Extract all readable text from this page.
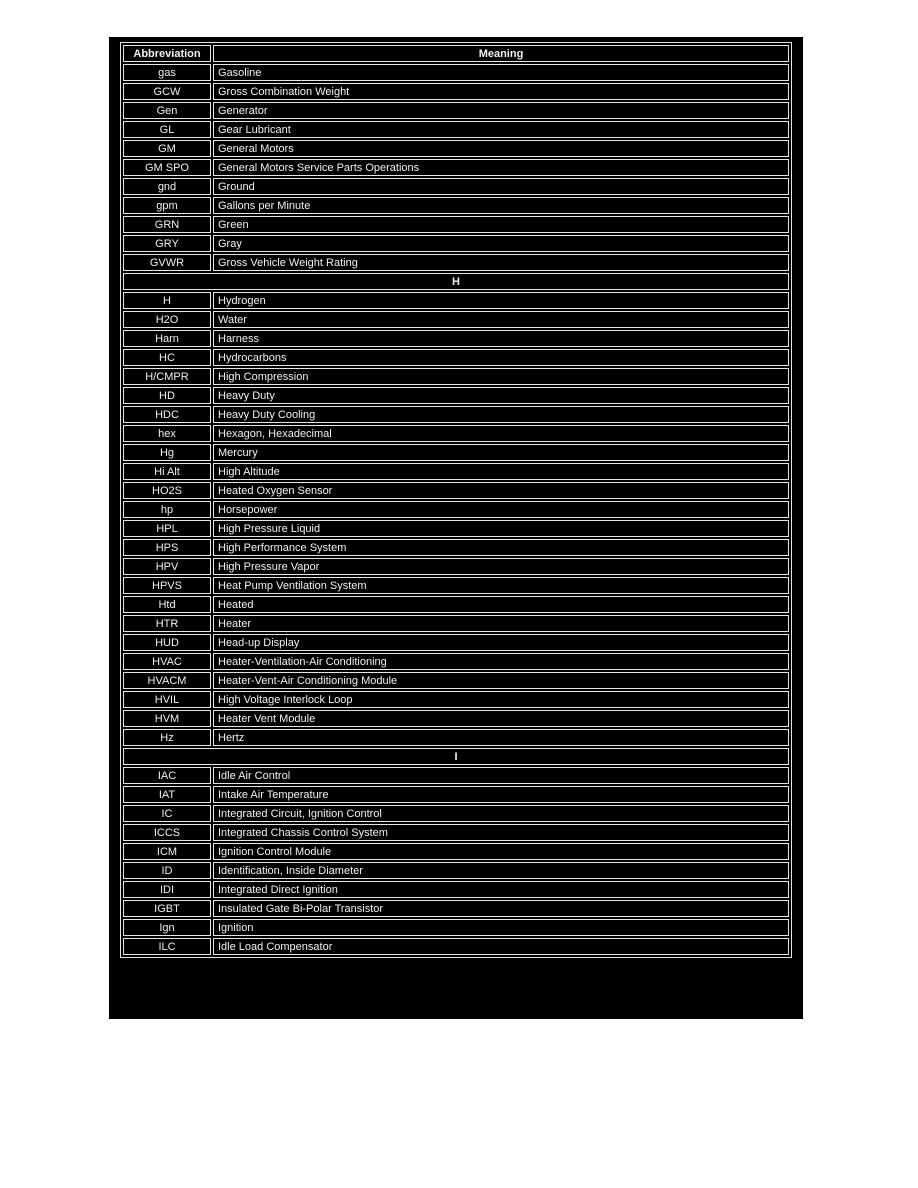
Abbreviation	Meaning
gas	Gasoline
GCW	Gross Combination Weight
Gen	Generator
GL	Gear Lubricant
GM	General Motors
GM SPO	General Motors Service Parts Operations
gnd	Ground
gpm	Gallons per Minute
GRN	Green
GRY	Gray
GVWR	Gross Vehicle Weight Rating
H	
H	Hydrogen
H2O	Water
Harn	Harness
HC	Hydrocarbons
H/CMPR	High Compression
HD	Heavy Duty
HDC	Heavy Duty Cooling
hex	Hexagon, Hexadecimal
Hg	Mercury
Hi Alt	High Altitude
HO2S	Heated Oxygen Sensor
hp	Horsepower
HPL	High Pressure Liquid
HPS	High Performance System
HPV	High Pressure Vapor
HPVS	Heat Pump Ventilation System
Htd	Heated
HTR	Heater
HUD	Head-up Display
HVAC	Heater-Ventilation-Air Conditioning
HVACM	Heater-Vent-Air Conditioning Module
HVIL	High Voltage Interlock Loop
HVM	Heater Vent Module
Hz	Hertz
I	
IAC	Idle Air Control
IAT	Intake Air Temperature
IC	Integrated Circuit, Ignition Control
ICCS	Integrated Chassis Control System
ICM	Ignition Control Module
ID	Identification, Inside Diameter
IDI	Integrated Direct Ignition
IGBT	Insulated Gate Bi-Polar Transistor
Ign	Ignition
ILC	Idle Load Compensator
